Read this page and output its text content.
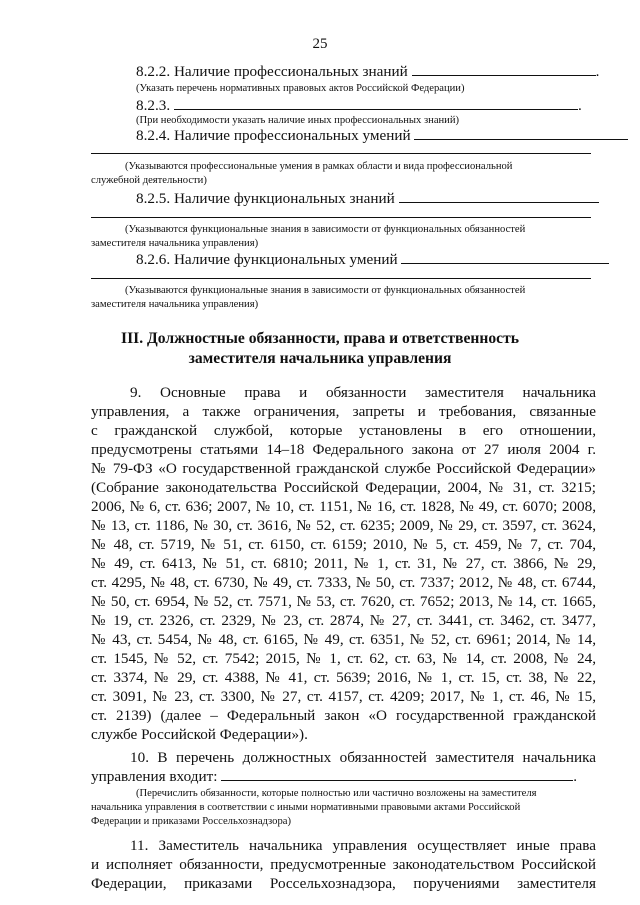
25
8.2.2. Наличие профессиональных знаний	.
(Указать перечень нормативных правовых актов Российской Федерации)
8.2.3.	.
(При необходимости указать наличие иных профессиональных знаний)
8.2.4. Наличие профессиональных умений
(Указываются профессиональные умения в рамках области и вида профессиональной
служебной деятельности)
8.2.5. Наличие функциональных знаний
(Указываются функциональные знания в зависимости от функциональных обязанностей
заместителя начальника управления)
8.2.6. Наличие функциональных умений
(Указываются функциональные знания в зависимости от функциональных обязанностей
заместителя начальника управления)
III. Должностные обязанности, права и ответственность
заместителя начальника управления
9. Основные права и обязанности заместителя начальника
управления, а также ограничения, запреты и требования, связанные
с гражданской службой, которые установлены в его отношении,
предусмотрены статьями 14–18 Федерального закона от 27 июля 2004 г.
№ 79-ФЗ «О государственной гражданской службе Российской Федерации»
(Собрание законодательства Российской Федерации, 2004, № 31, ст. 3215;
2006, № 6, ст. 636; 2007, № 10, ст. 1151, № 16, ст. 1828, № 49, ст. 6070; 2008,
№ 13, ст. 1186, № 30, ст. 3616, № 52, ст. 6235; 2009, № 29, ст. 3597, ст. 3624,
№ 48, ст. 5719, № 51, ст. 6150, ст. 6159; 2010, № 5, ст. 459, № 7, ст. 704,
№ 49, ст. 6413, № 51, ст. 6810; 2011, № 1, ст. 31, № 27, ст. 3866, № 29,
ст. 4295, № 48, ст. 6730, № 49, ст. 7333, № 50, ст. 7337; 2012, № 48, ст. 6744,
№ 50, ст. 6954, № 52, ст. 7571, № 53, ст. 7620, ст. 7652; 2013, № 14, ст. 1665,
№ 19, ст. 2326, ст. 2329, № 23, ст. 2874, № 27, ст. 3441, ст. 3462, ст. 3477,
№ 43, ст. 5454, № 48, ст. 6165, № 49, ст. 6351, № 52, ст. 6961; 2014, № 14,
ст. 1545, № 52, ст. 7542; 2015, № 1, ст. 62, ст. 63, № 14, ст. 2008, № 24,
ст. 3374, № 29, ст. 4388, № 41, ст. 5639; 2016, № 1, ст. 15, ст. 38, № 22,
ст. 3091, № 23, ст. 3300, № 27, ст. 4157, ст. 4209; 2017, № 1, ст. 46, № 15,
ст. 2139) (далее – Федеральный закон «О государственной гражданской
службе Российской Федерации»).
10. В перечень должностных обязанностей заместителя начальника
управления входит:	.
(Перечислить обязанности, которые полностью или частично возложены на заместителя
начальника управления в соответствии с иными нормативными правовыми актами Российской
Федерации и приказами Россельхознадзора)
11. Заместитель начальника управления осуществляет иные права
и исполняет обязанности, предусмотренные законодательством Российской
Федерации, приказами Россельхознадзора, поручениями заместителя
